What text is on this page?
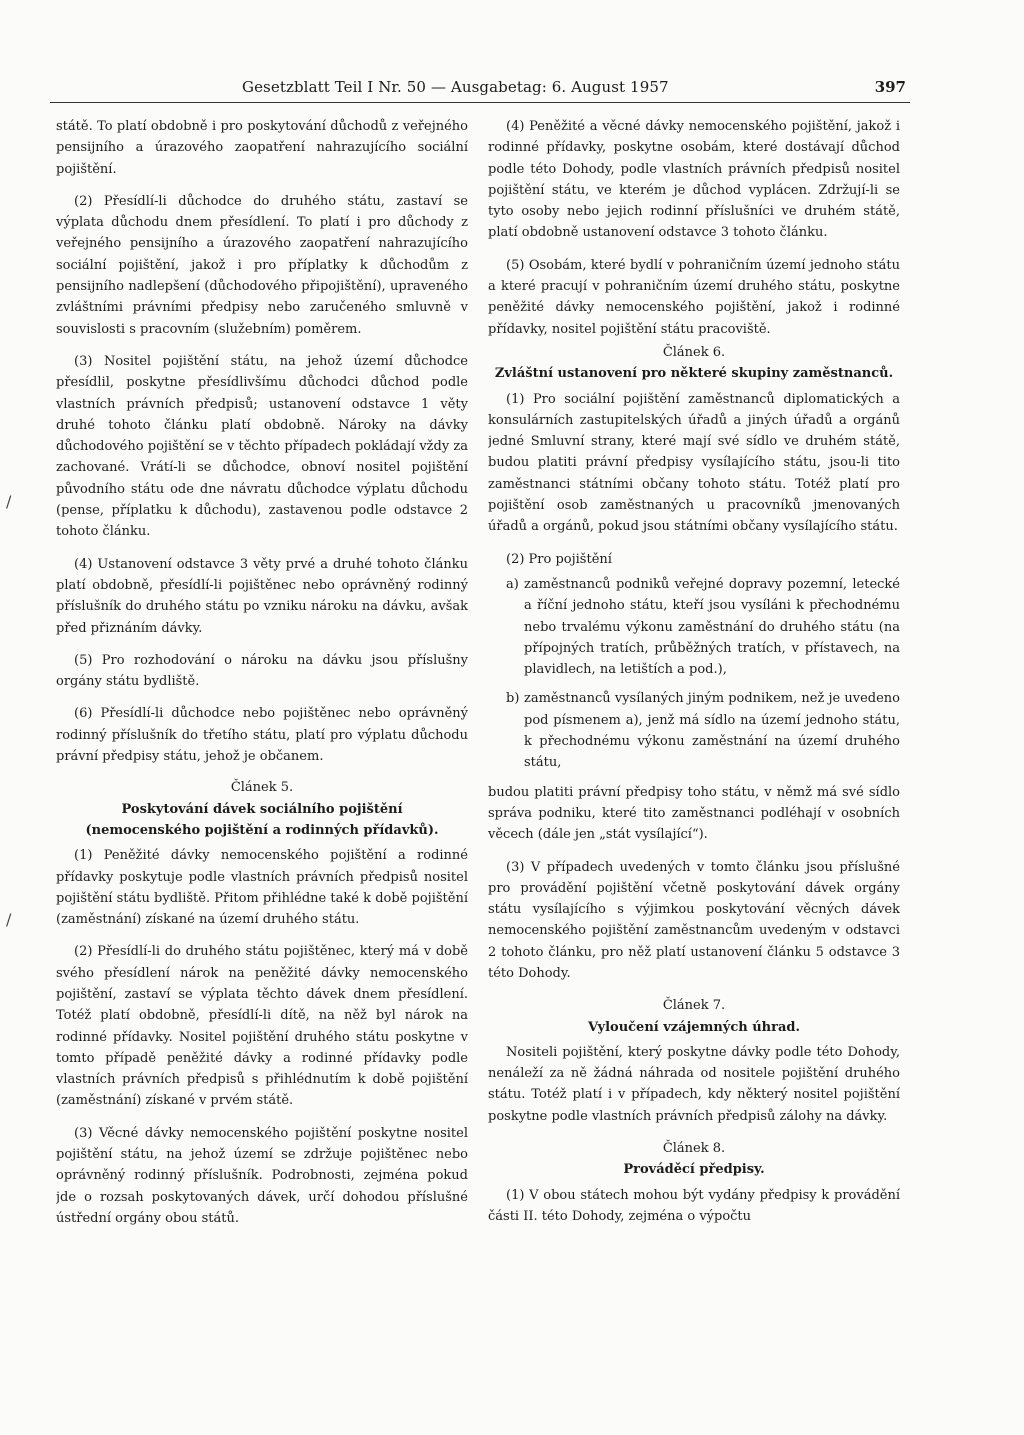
Gesetzblatt Teil I Nr. 50 — Ausgabetag: 6. August 1957	397
/
/

státě. To platí obdobně i pro poskytování důchodů z veřejného pensijního a úrazového zaopatření nahrazujícího sociální pojištění.

(2) Přesídlí-li důchodce do druhého státu, zastaví se výplata důchodu dnem přesídlení. To platí i pro důchody z veřejného pensijního a úrazového zaopatření nahrazujícího sociální pojištění, jakož i pro příplatky k důchodům z pensijního nadlepšení (důchodového připojištění), upraveného zvláštními právními předpisy nebo zaručeného smluvně v souvislosti s pracovním (služebním) poměrem.

(3) Nositel pojištění státu, na jehož území důchodce přesídlil, poskytne přesídlivšímu důchodci důchod podle vlastních právních předpisů; ustanovení odstavce 1 věty druhé tohoto článku platí obdobně. Nároky na dávky důchodového pojištění se v těchto případech pokládají vždy za zachované. Vrátí-li se důchodce, obnoví nositel pojištění původního státu ode dne návratu důchodce výplatu důchodu (pense, příplatku k důchodu), zastavenou podle odstavce 2 tohoto článku.

(4) Ustanovení odstavce 3 věty prvé a druhé tohoto článku platí obdobně, přesídlí-li pojištěnec nebo oprávněný rodinný příslušník do druhého státu po vzniku nároku na dávku, avšak před přiznáním dávky.

(5) Pro rozhodování o nároku na dávku jsou příslušny orgány státu bydliště.

(6) Přesídlí-li důchodce nebo pojištěnec nebo oprávněný rodinný příslušník do třetího státu, platí pro výplatu důchodu právní předpisy státu, jehož je občanem.

Článek 5.
Poskytování dávek sociálního pojištění
(nemocenského pojištění a rodinných přídavků).

(1) Peněžité dávky nemocenského pojištění a rodinné přídavky poskytuje podle vlastních právních předpisů nositel pojištění státu bydliště. Přitom přihlédne také k době pojištění (zaměstnání) získané na území druhého státu.

(2) Přesídlí-li do druhého státu pojištěnec, který má v době svého přesídlení nárok na peněžité dávky nemocenského pojištění, zastaví se výplata těchto dávek dnem přesídlení. Totéž platí obdobně, přesídlí-li dítě, na něž byl nárok na rodinné přídavky. Nositel pojištění druhého státu poskytne v tomto případě peněžité dávky a rodinné přídavky podle vlastních právních předpisů s přihlédnutím k době pojištění (zaměstnání) získané v prvém státě.

(3) Věcné dávky nemocenského pojištění poskytne nositel pojištění státu, na jehož území se zdržuje pojištěnec nebo oprávněný rodinný příslušník. Podrobnosti, zejména pokud jde o rozsah poskytovaných dávek, určí dohodou příslušné ústřední orgány obou států.

(4) Peněžité a věcné dávky nemocenského pojištění, jakož i rodinné přídavky, poskytne osobám, které dostávají důchod podle této Dohody, podle vlastních právních předpisů nositel pojištění státu, ve kterém je důchod vyplácen. Zdržují-li se tyto osoby nebo jejich rodinní příslušníci ve druhém státě, platí obdobně ustanovení odstavce 3 tohoto článku.

(5) Osobám, které bydlí v pohraničním území jednoho státu a které pracují v pohraničním území druhého státu, poskytne peněžité dávky nemocenského pojištění, jakož i rodinné přídavky, nositel pojištění státu pracoviště.

Článek 6.
Zvláštní ustanovení pro některé skupiny zaměstnanců.

(1) Pro sociální pojištění zaměstnanců diplomatických a konsulárních zastupitelských úřadů a jiných úřadů a orgánů jedné Smluvní strany, které mají své sídlo ve druhém státě, budou platiti právní předpisy vysílajícího státu, jsou-li tito zaměstnanci státními občany tohoto státu. Totéž platí pro pojištění osob zaměstnaných u pracovníků jmenovaných úřadů a orgánů, pokud jsou státními občany vysílajícího státu.

(2) Pro pojištění

a) zaměstnanců podniků veřejné dopravy pozemní, letecké a říční jednoho státu, kteří jsou vysíláni k přechodnému nebo trvalému výkonu zaměstnání do druhého státu (na přípojných tratích, průběžných tratích, v přístavech, na plavidlech, na letištích a pod.),
b) zaměstnanců vysílaných jiným podnikem, než je uvedeno pod písmenem a), jenž má sídlo na území jednoho státu, k přechodnému výkonu zaměstnání na území druhého státu,

budou platiti právní předpisy toho státu, v němž má své sídlo správa podniku, které tito zaměstnanci podléhají v osobních věcech (dále jen „stát vysílající“).

(3) V případech uvedených v tomto článku jsou příslušné pro provádění pojištění včetně poskytování dávek orgány státu vysílajícího s výjimkou poskytování věcných dávek nemocenského pojištění zaměstnancům uvedeným v odstavci 2 tohoto článku, pro něž platí ustanovení článku 5 odstavce 3 této Dohody.

Článek 7.
Vyloučení vzájemných úhrad.

Nositeli pojištění, který poskytne dávky podle této Dohody, nenáleží za ně žádná náhrada od nositele pojištění druhého státu. Totéž platí i v případech, kdy některý nositel pojištění poskytne podle vlastních právních předpisů zálohy na dávky.

Článek 8.
Prováděcí předpisy.

(1) V obou státech mohou být vydány předpisy k provádění části II. této Dohody, zejména o výpočtu
